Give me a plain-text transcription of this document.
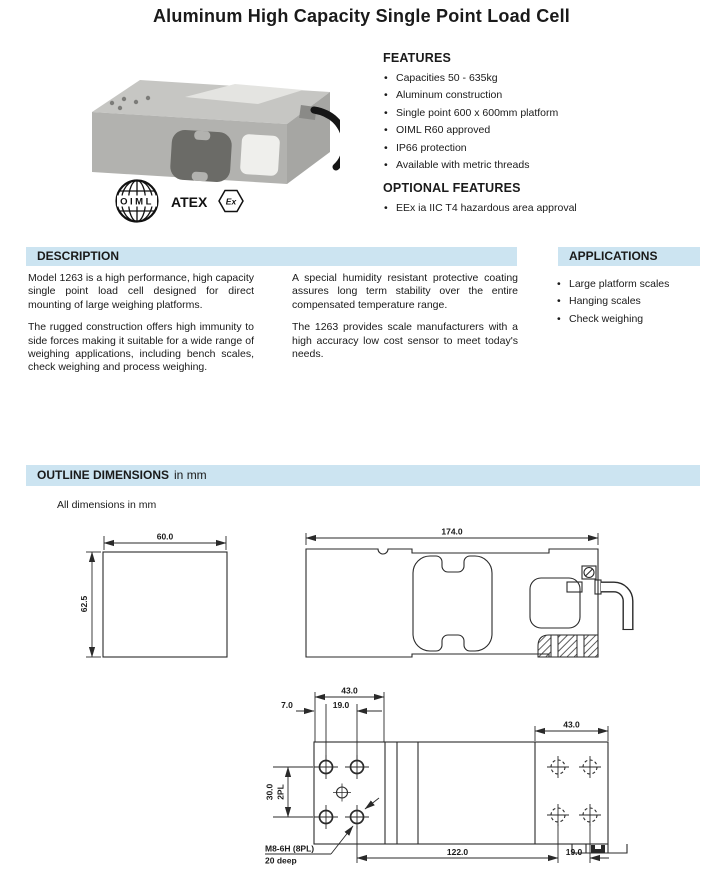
Aluminum High Capacity Single Point Load Cell
OIML ATEX Ex
FEATURES
• Capacities 50 - 635kg
• Aluminum construction
• Single point 600 x 600mm platform
• OIML R60 approved
• IP66 protection
• Available with metric threads
OPTIONAL FEATURES
• EEx ia IIC T4 hazardous area approval
DESCRIPTION

Model 1263 is a high performance, high capacity single point load cell designed for direct mounting of large weighing platforms.

The rugged construction offers high immunity to side forces making it suitable for a wide range of weighing applications, including bench scales, check weighing and process weighing.

A special humidity resistant protective coating assures long term stability over the entire compensated temperature range.

The 1263 provides scale manufacturers with a high accuracy low cost sensor to meet today's needs.

APPLICATIONS
• Large platform scales
• Hanging scales
• Check weighing
OUTLINE DIMENSIONS in mm
All dimensions in mm
60.0
62.5
174.0
43.0
7.0	19.0
43.0
30.0 2PL
122.0	19.0
M8-6H (8PL)
20 deep
